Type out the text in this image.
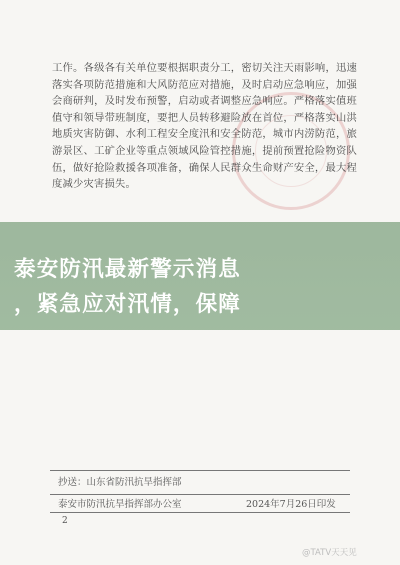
工作。各级各有关单位要根据职责分工，密切关注天雨影响，迅速落实各项防范措施和大风防范应对措施，及时启动应急响应，加强会商研判，及时发布预警，启动或者调整应急响应。严格落实值班值守和领导带班制度，要把人员转移避险放在首位，严格落实山洪地质灾害防御、水利工程安全度汛和安全防范，城市内涝防范，旅游景区、工矿企业等重点领域风险管控措施，提前预置抢险物资队伍，做好抢险救援各项准备，确保人民群众生命财产安全，最大程度减少灾害损失。
泰安防汛最新警示消息
，紧急应对汛情，保障
抄送：山东省防汛抗旱指挥部
泰安市防汛抗旱指挥部办公室	2024年7月26日印发
2
@TATV天天见
